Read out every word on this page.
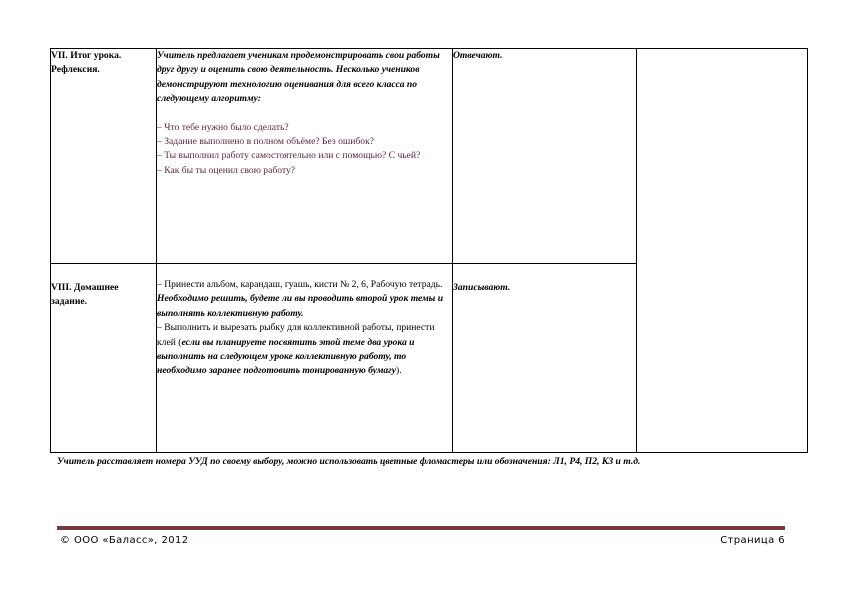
VII. Итог урока. Рефлексия.	Учитель предлагает ученикам продемонстрировать свои работы друг другу и оценить свою деятельность. Несколько учеников демонстрируют технологию оценивания для всего класса по следующему алгоритму:

– Что тебе нужно было сделать?

– Задание выполнено в полном объёме? Без ошибок?

– Ты выполнил работу самостоятельно или с помощью? С чьей?

– Как бы ты оценил свою работу?	Отвечают.	
VIII. Домашнее задание.	– Принести альбом, карандаш, гуашь, кисти № 2, 6, Рабочую тетрадь.
Необходимо решить, будете ли вы проводить второй урок темы и выполнять коллективную работу.
– Выполнить и вырезать рыбку для коллективной работы, принести клей (если вы планируете посвятить этой теме два урока и выполнить на следующем уроке коллективную работу, то необходимо заранее подготовить тонированную бумагу).	Записывают.	
Учитель расставляет номера УУД по своему выбору, можно использовать цветные фломастеры или обозначения: Л1, Р4, П2, К3 и т.д.
© ООО «Баласс», 2012	Страница 6
